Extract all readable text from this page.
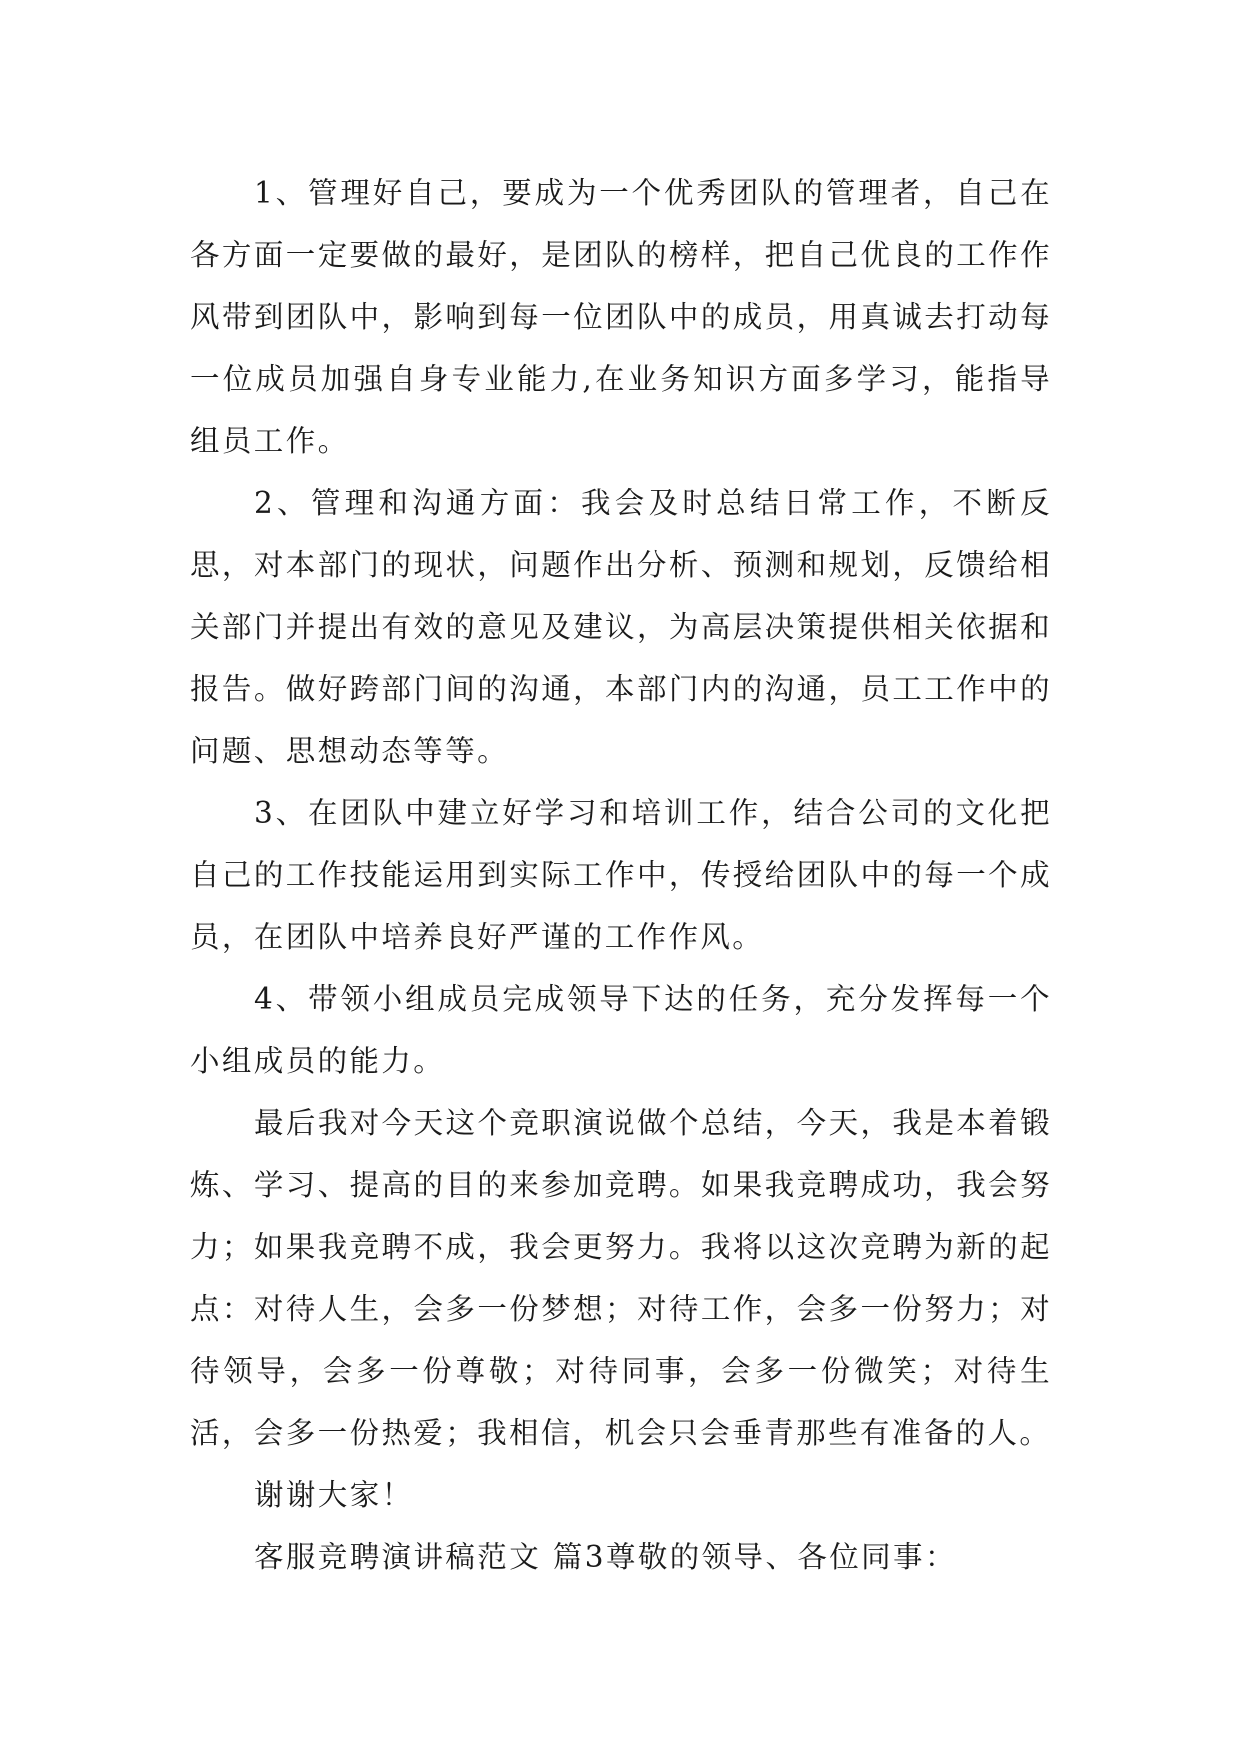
1、管理好自己，要成为一个优秀团队的管理者，自己在各方面一定要做的最好，是团队的榜样，把自己优良的工作作风带到团队中，影响到每一位团队中的成员，用真诚去打动每一位成员加强自身专业能力,在业务知识方面多学习，能指导组员工作。

2、管理和沟通方面：我会及时总结日常工作，不断反思，对本部门的现状，问题作出分析、预测和规划，反馈给相关部门并提出有效的意见及建议，为高层决策提供相关依据和报告。做好跨部门间的沟通，本部门内的沟通，员工工作中的问题、思想动态等等。

3、在团队中建立好学习和培训工作，结合公司的文化把自己的工作技能运用到实际工作中，传授给团队中的每一个成员，在团队中培养良好严谨的工作作风。

4、带领小组成员完成领导下达的任务，充分发挥每一个小组成员的能力。

最后我对今天这个竞职演说做个总结，今天，我是本着锻炼、学习、提高的目的来参加竞聘。如果我竞聘成功，我会努力；如果我竞聘不成，我会更努力。我将以这次竞聘为新的起点：对待人生，会多一份梦想；对待工作，会多一份努力；对待领导，会多一份尊敬；对待同事，会多一份微笑；对待生活，会多一份热爱；我相信，机会只会垂青那些有准备的人。

谢谢大家！

客服竞聘演讲稿范文 篇3尊敬的领导、各位同事：
